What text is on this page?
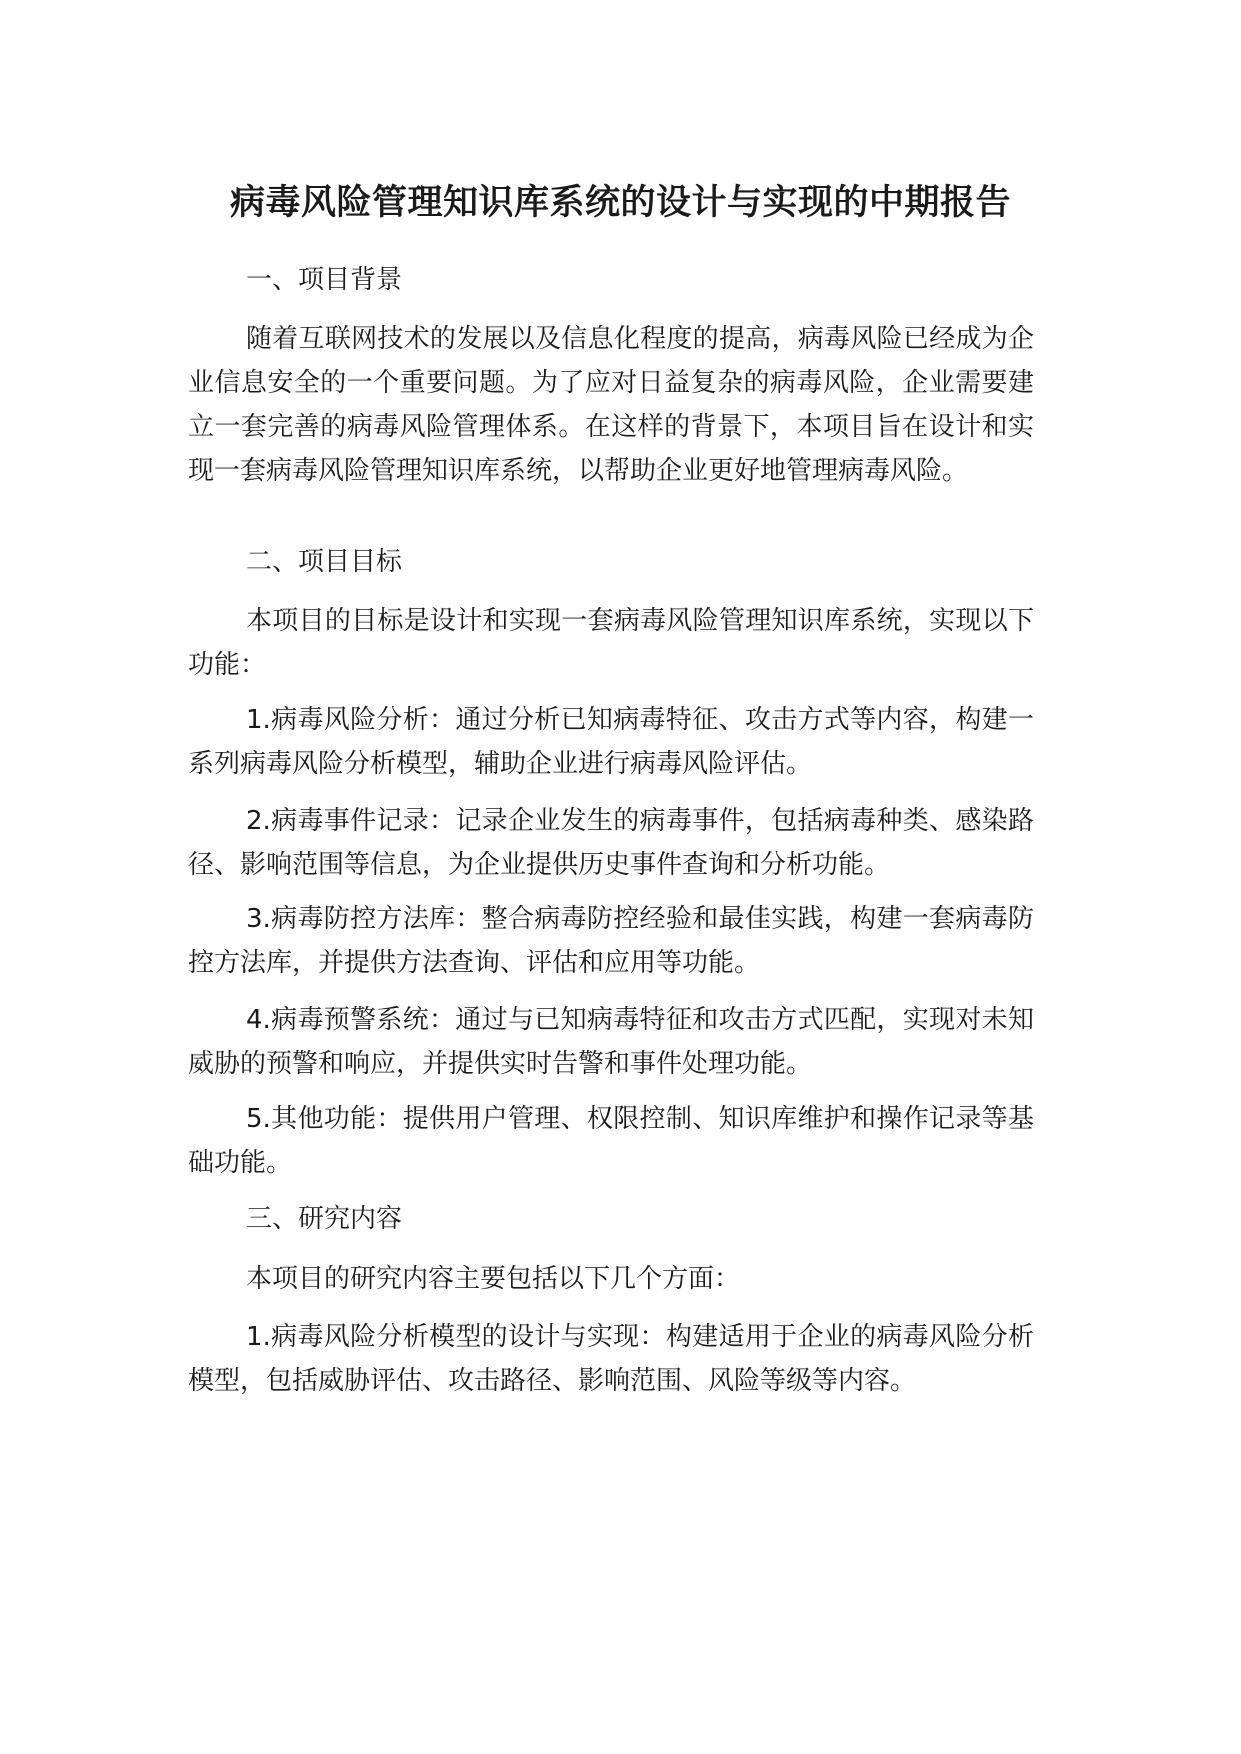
病毒风险管理知识库系统的设计与实现的中期报告

一、项目背景

随着互联网技术的发展以及信息化程度的提高，病毒风险已经成为企业信息安全的一个重要问题。为了应对日益复杂的病毒风险，企业需要建立一套完善的病毒风险管理体系。在这样的背景下，本项目旨在设计和实现一套病毒风险管理知识库系统，以帮助企业更好地管理病毒风险。

二、项目目标

本项目的目标是设计和实现一套病毒风险管理知识库系统，实现以下功能：

1.病毒风险分析：通过分析已知病毒特征、攻击方式等内容，构建一系列病毒风险分析模型，辅助企业进行病毒风险评估。

2.病毒事件记录：记录企业发生的病毒事件，包括病毒种类、感染路径、影响范围等信息，为企业提供历史事件查询和分析功能。

3.病毒防控方法库：整合病毒防控经验和最佳实践，构建一套病毒防控方法库，并提供方法查询、评估和应用等功能。

4.病毒预警系统：通过与已知病毒特征和攻击方式匹配，实现对未知威胁的预警和响应，并提供实时告警和事件处理功能。

5.其他功能：提供用户管理、权限控制、知识库维护和操作记录等基础功能。

三、研究内容

本项目的研究内容主要包括以下几个方面：

1.病毒风险分析模型的设计与实现：构建适用于企业的病毒风险分析模型，包括威胁评估、攻击路径、影响范围、风险等级等内容。
